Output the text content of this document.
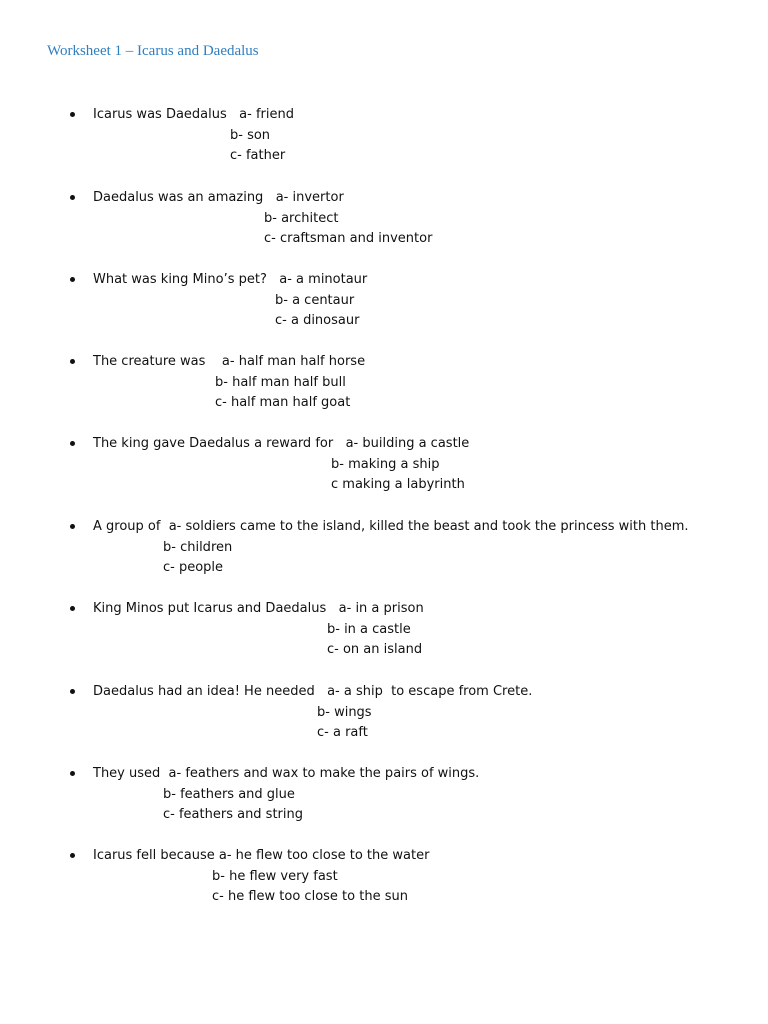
Worksheet 1 – Icarus and Daedalus
Icarus was Daedalus   a- friend
b- son
c- father
Daedalus was an amazing   a- invertor
b- architect
c- craftsman and inventor
What was king Mino’s pet?   a- a minotaur
b- a centaur
c- a dinosaur
The creature was    a- half man half horse
b- half man half bull
c- half man half goat
The king gave Daedalus a reward for   a- building a castle
b- making a ship
c making a labyrinth
A group of  a- soldiers came to the island, killed the beast and took the princess with them.
b- children
c- people
King Minos put Icarus and Daedalus   a- in a prison
b- in a castle
c- on an island
Daedalus had an idea! He needed   a- a ship  to escape from Crete.
b- wings
c- a raft
They used  a- feathers and wax to make the pairs of wings.
b- feathers and glue
c- feathers and string
Icarus fell because a- he flew too close to the water
b- he flew very fast
c- he flew too close to the sun
